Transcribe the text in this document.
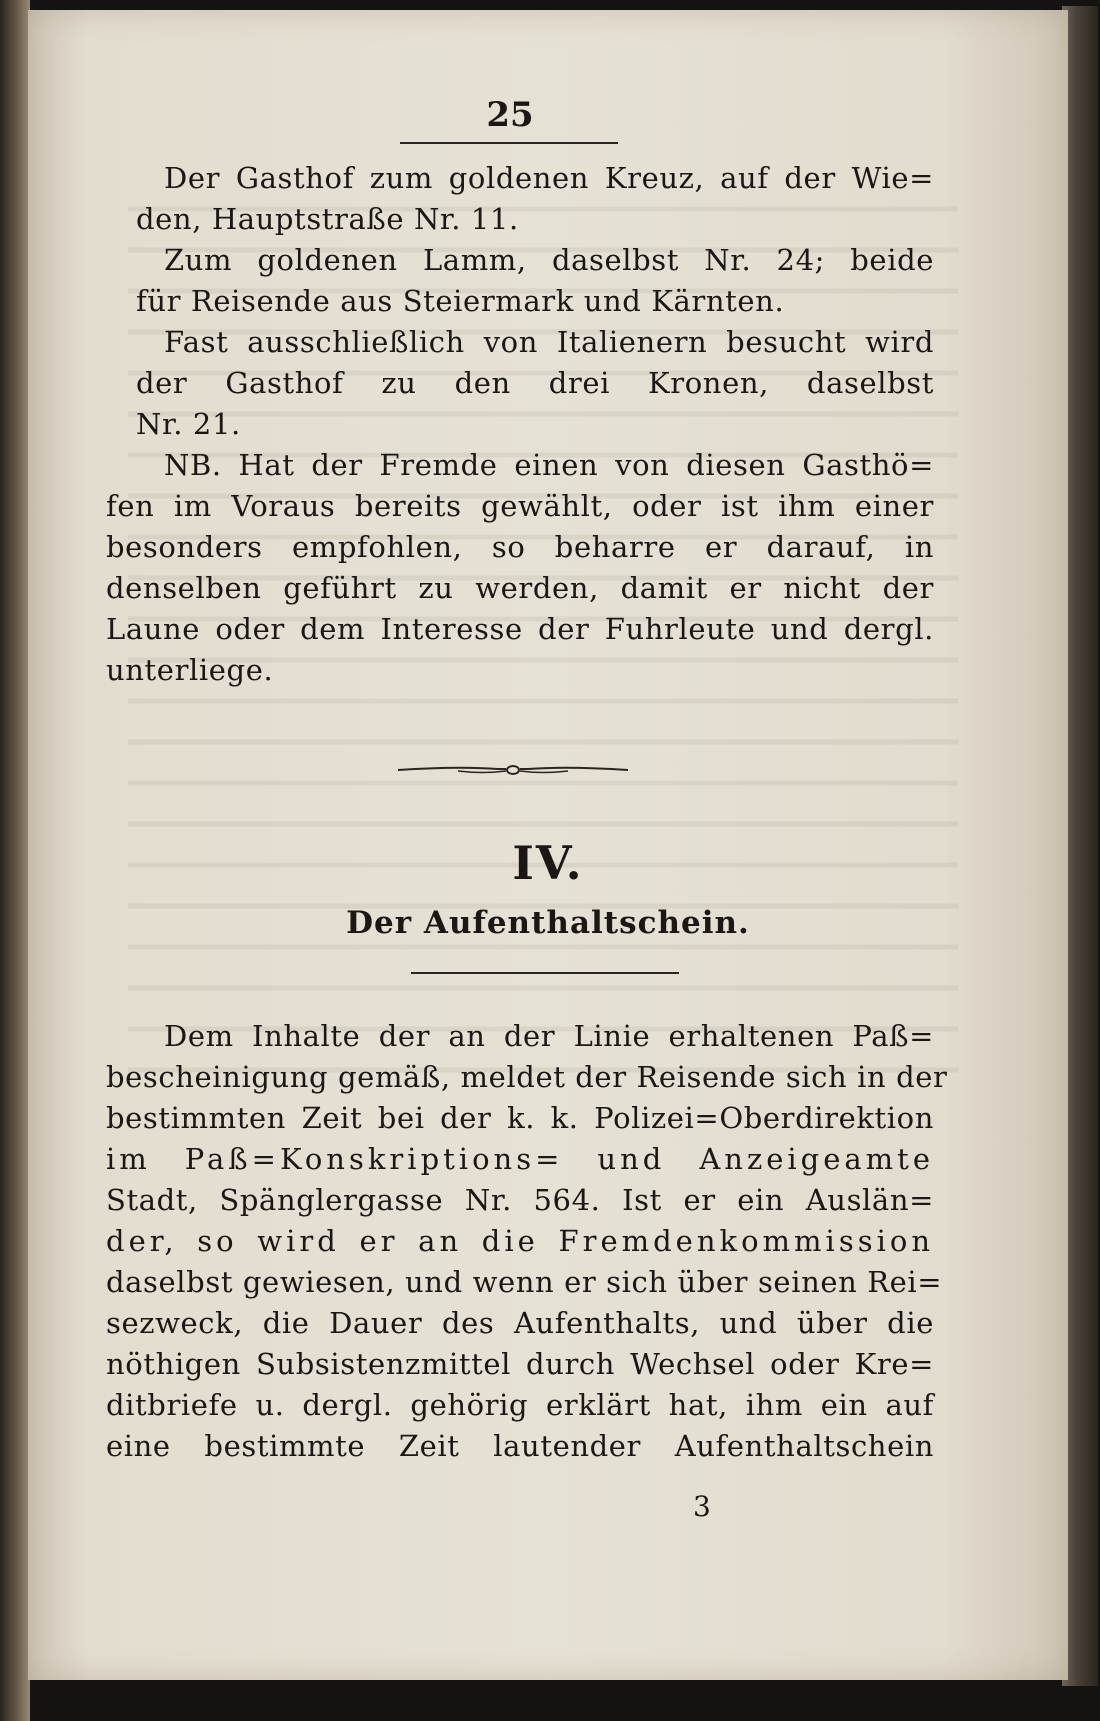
25
Der Gasthof zum goldenen Kreuz, auf der Wie=
den, Hauptstraße Nr. 11.
Zum goldenen Lamm, daselbst Nr. 24; beide
für Reisende aus Steiermark und Kärnten.
Fast ausschließlich von Italienern besucht wird
der Gasthof zu den drei Kronen, daselbst
Nr. 21.
NB. Hat der Fremde einen von diesen Gasthö=
fen im Voraus bereits gewählt, oder ist ihm einer
besonders empfohlen, so beharre er darauf, in
denselben geführt zu werden, damit er nicht der
Laune oder dem Interesse der Fuhrleute und dergl.
unterliege.
IV.
Der Aufenthaltschein.
Dem Inhalte der an der Linie erhaltenen Paß=
bescheinigung gemäß, meldet der Reisende sich in der
bestimmten Zeit bei der k. k. Polizei=Oberdirektion
im Paß=Konskriptions= und Anzeigeamte
Stadt, Spänglergasse Nr. 564. Ist er ein Auslän=
der, so wird er an die Fremdenkommission
daselbst gewiesen, und wenn er sich über seinen Rei=
sezweck, die Dauer des Aufenthalts, und über die
nöthigen Subsistenzmittel durch Wechsel oder Kre=
ditbriefe u. dergl. gehörig erklärt hat, ihm ein auf
eine bestimmte Zeit lautender Aufenthaltschein
3
